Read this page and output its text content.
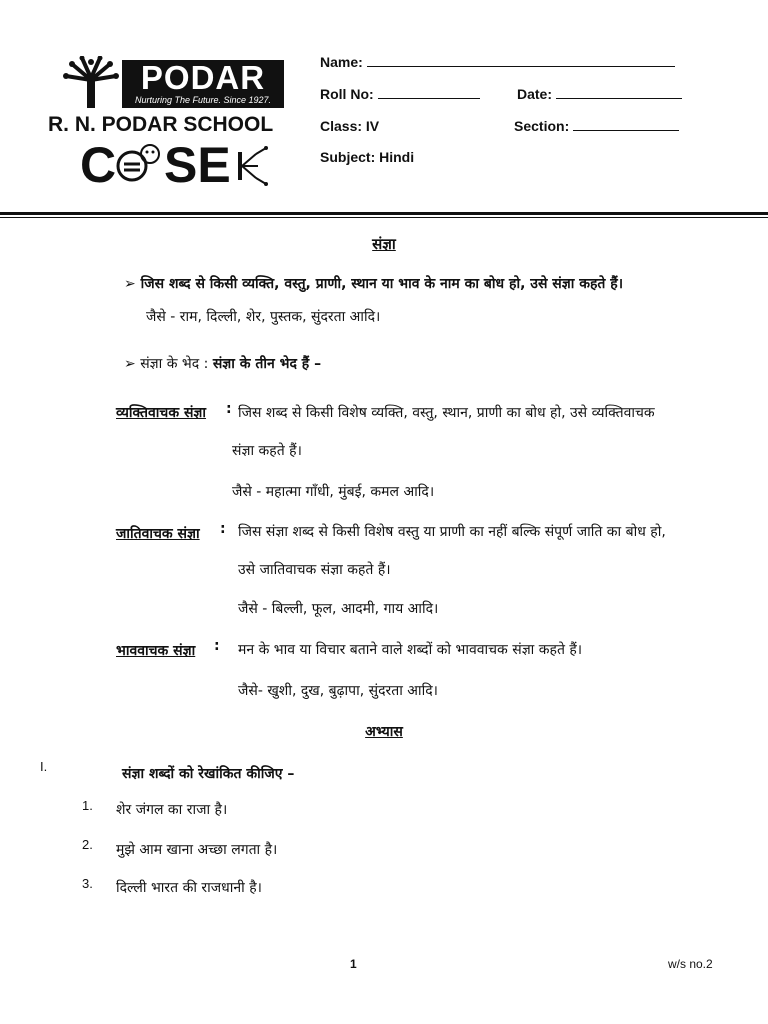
PODAR
Nurturing The Future. Since 1927.
R. N. PODAR SCHOOL
C SE
Name:
Roll No:	Date:
Class: IV	Section:
Subject: Hindi
संज्ञा
➢ जिस शब्द से किसी व्यक्ति, वस्तु, प्राणी, स्थान या भाव के नाम का बोध हो, उसे संज्ञा कहते हैं।
जैसे - राम, दिल्ली, शेर, पुस्तक, सुंदरता आदि।
➢ संज्ञा के भेद : संज्ञा के तीन भेद हैं –
व्यक्तिवाचक संज्ञा : जिस शब्द से किसी विशेष व्यक्ति, वस्तु, स्थान, प्राणी का बोध हो, उसे व्यक्तिवाचक
संज्ञा कहते हैं।
जैसे - महात्मा गाँधी, मुंबई, कमल आदि।
जातिवाचक संज्ञा : जिस संज्ञा शब्द से किसी विशेष वस्तु या प्राणी का नहीं बल्कि संपूर्ण जाति का बोध हो,
उसे जातिवाचक संज्ञा कहते हैं।
जैसे - बिल्ली, फूल, आदमी, गाय आदि।
भाववाचक संज्ञा : मन के भाव या विचार बताने वाले शब्दों को भाववाचक संज्ञा कहते हैं।
जैसे- खुशी, दुख, बुढ़ापा, सुंदरता आदि।
अभ्यास
I.	संज्ञा शब्दों को रेखांकित कीजिए –
1. शेर जंगल का राजा है।
2. मुझे आम खाना अच्छा लगता है।
3. दिल्ली भारत की राजधानी है।
1	w/s no.2
